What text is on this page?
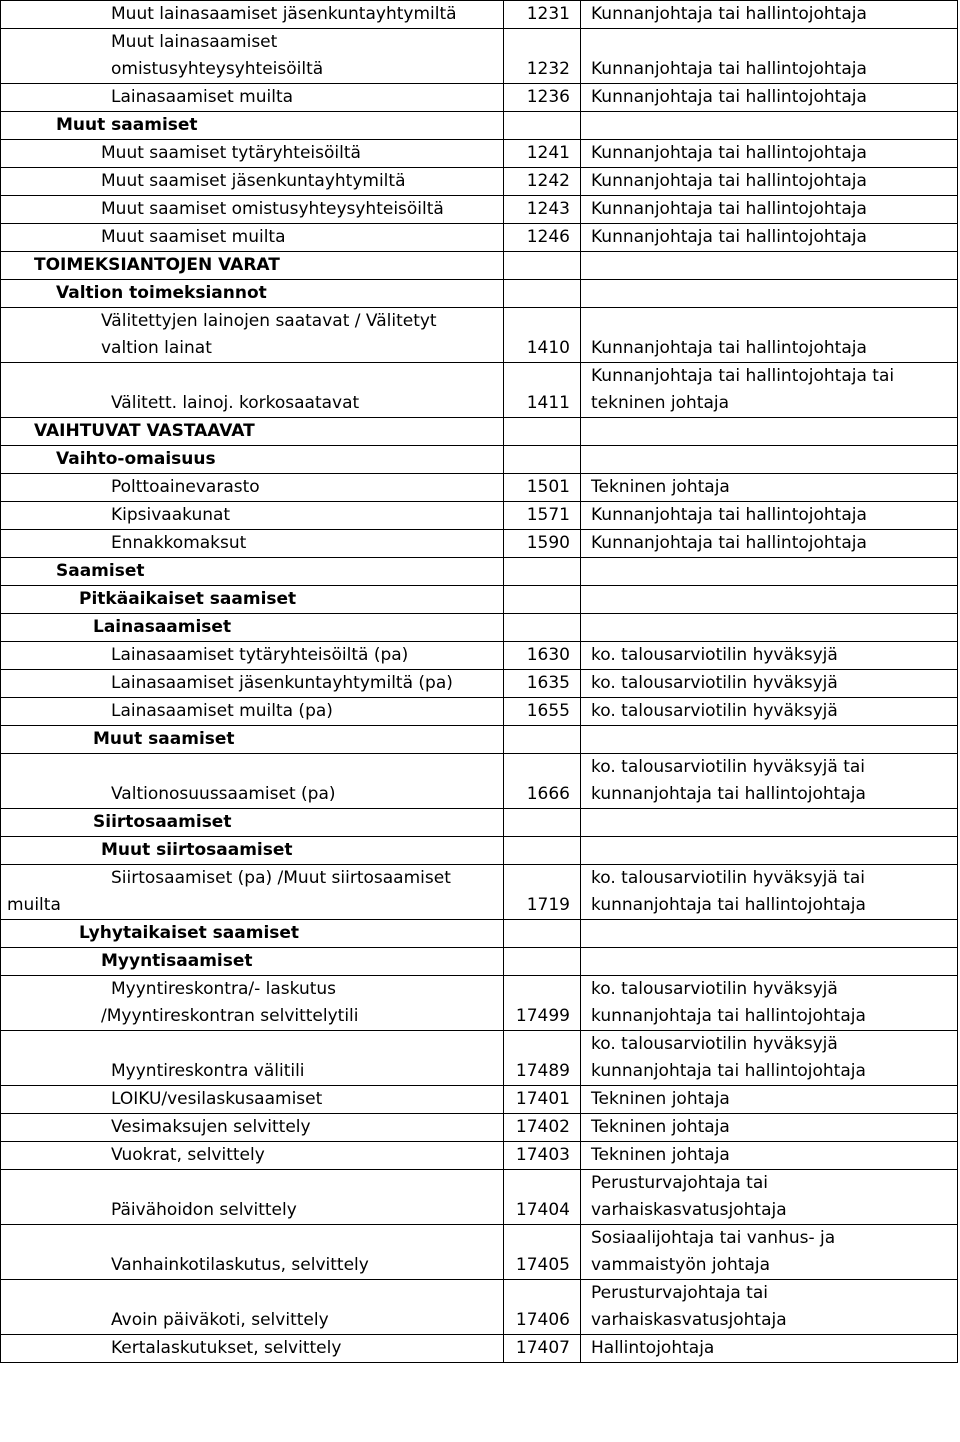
Muut lainasaamiset jäsenkuntayhtymiltä	1231	Kunnanjohtaja tai hallintojohtaja

Muut lainasaamiset
omistusyhteysyhteisöiltä	1232	Kunnanjohtaja tai hallintojohtaja

Lainasaamiset muilta	1236	Kunnanjohtaja tai hallintojohtaja

Muut saamiset		

Muut saamiset tytäryhteisöiltä	1241	Kunnanjohtaja tai hallintojohtaja

Muut saamiset jäsenkuntayhtymiltä	1242	Kunnanjohtaja tai hallintojohtaja

Muut saamiset omistusyhteysyhteisöiltä	1243	Kunnanjohtaja tai hallintojohtaja

Muut saamiset muilta	1246	Kunnanjohtaja tai hallintojohtaja

TOIMEKSIANTOJEN VARAT		

Valtion toimeksiannot		

Välitettyjen lainojen saatavat / Välitetyt
valtion lainat	1410	Kunnanjohtaja tai hallintojohtaja

Välitett. lainoj. korkosaatavat	1411	Kunnanjohtaja tai hallintojohtaja tai
tekninen johtaja

VAIHTUVAT VASTAAVAT		

Vaihto-omaisuus		

Polttoainevarasto	1501	Tekninen johtaja

Kipsivaakunat	1571	Kunnanjohtaja tai hallintojohtaja

Ennakkomaksut	1590	Kunnanjohtaja tai hallintojohtaja

Saamiset		

Pitkäaikaiset saamiset		

Lainasaamiset		

Lainasaamiset tytäryhteisöiltä (pa)	1630	ko. talousarviotilin hyväksyjä

Lainasaamiset jäsenkuntayhtymiltä (pa)	1635	ko. talousarviotilin hyväksyjä

Lainasaamiset muilta (pa)	1655	ko. talousarviotilin hyväksyjä

Muut saamiset		

Valtionosuussaamiset (pa)	1666	ko. talousarviotilin hyväksyjä tai
kunnanjohtaja tai hallintojohtaja

Siirtosaamiset		

Muut siirtosaamiset		

Siirtosaamiset (pa) /Muut siirtosaamiset
muilta	1719	ko. talousarviotilin hyväksyjä tai
kunnanjohtaja tai hallintojohtaja

Lyhytaikaiset saamiset		

Myyntisaamiset		

Myyntireskontra/- laskutus
/Myyntireskontran selvittelytili	17499	ko. talousarviotilin hyväksyjä
kunnanjohtaja tai hallintojohtaja

Myyntireskontra välitili	17489	ko. talousarviotilin hyväksyjä
kunnanjohtaja tai hallintojohtaja

LOIKU/vesilaskusaamiset	17401	Tekninen johtaja

Vesimaksujen selvittely	17402	Tekninen johtaja

Vuokrat, selvittely	17403	Tekninen johtaja

Päivähoidon selvittely	17404	Perusturvajohtaja tai
varhaiskasvatusjohtaja

Vanhainkotilaskutus, selvittely	17405	Sosiaalijohtaja tai vanhus- ja
vammaistyön johtaja

Avoin päiväkoti, selvittely	17406	Perusturvajohtaja tai
varhaiskasvatusjohtaja

Kertalaskutukset, selvittely	17407	Hallintojohtaja
